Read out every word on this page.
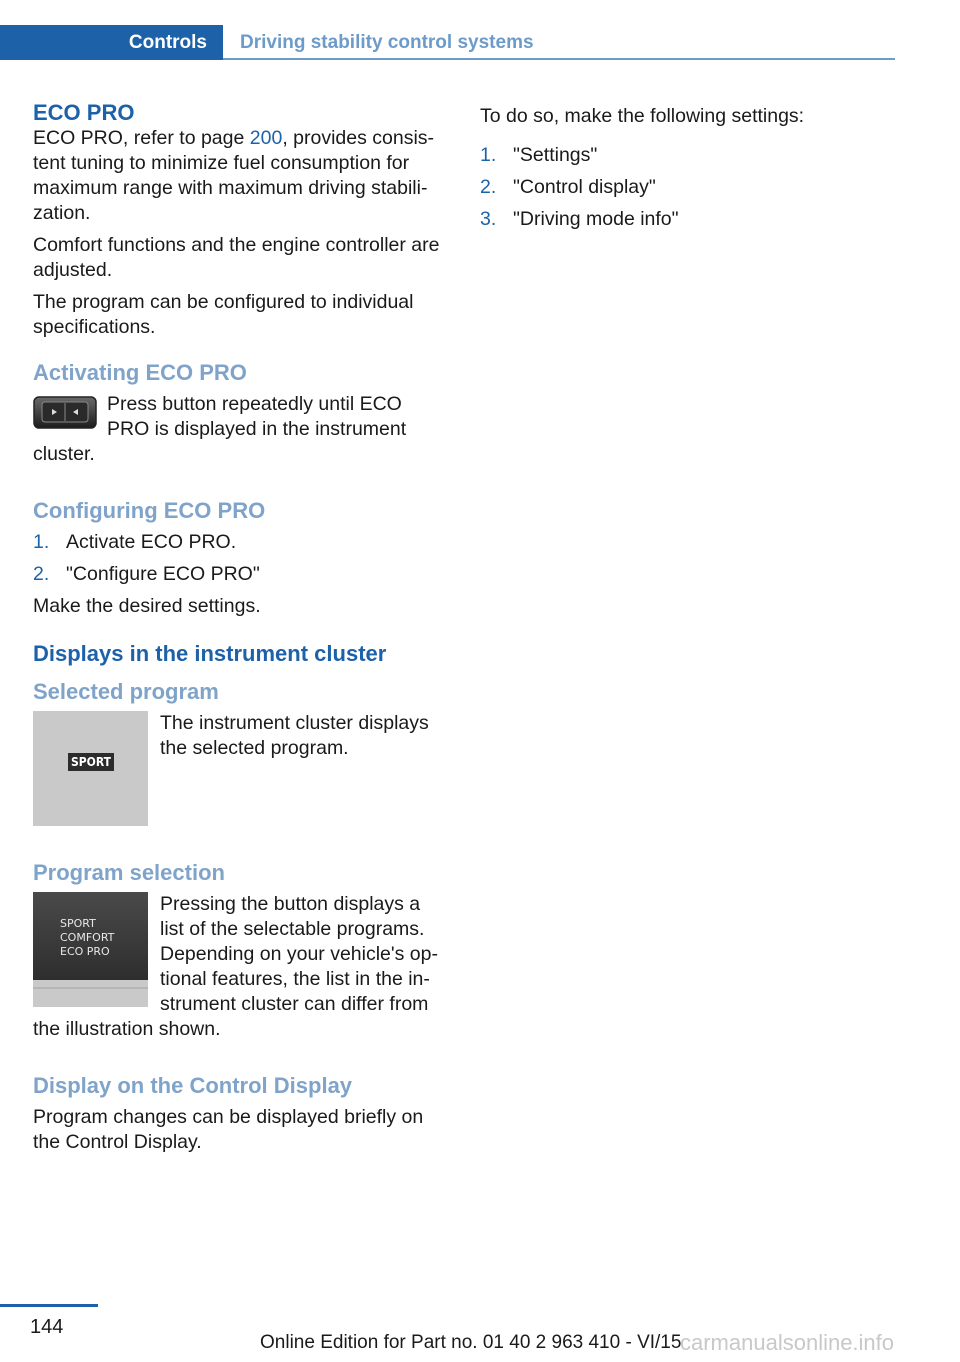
Controls	Driving stability control systems
ECO PRO

ECO PRO, refer to page 200, provides consis-tent tuning to minimize fuel consumption for maximum range with maximum driving stabili-zation.

Comfort functions and the engine controller are adjusted.

The program can be configured to individual specifications.

Activating ECO PRO

Press button repeatedly until ECO PRO is displayed in the instrument cluster.

Configuring ECO PRO
1. Activate ECO PRO.
2. "Configure ECO PRO"

Make the desired settings.

Displays in the instrument cluster
Selected program
SPORT

The instrument cluster displays the selected program.

Program selection
SPORT
COMFORT
ECO PRO

Pressing the button displays a list of the selectable programs. Depending on your vehicle's op-tional features, the list in the in-strument cluster can differ from the illustration shown.

Display on the Control Display

Program changes can be displayed briefly on the Control Display.

To do so, make the following settings:

1. "Settings"
2. "Control display"
3. "Driving mode info"
144
Online Edition for Part no. 01 40 2 963 410 - VI/15
carmanualsonline.info
